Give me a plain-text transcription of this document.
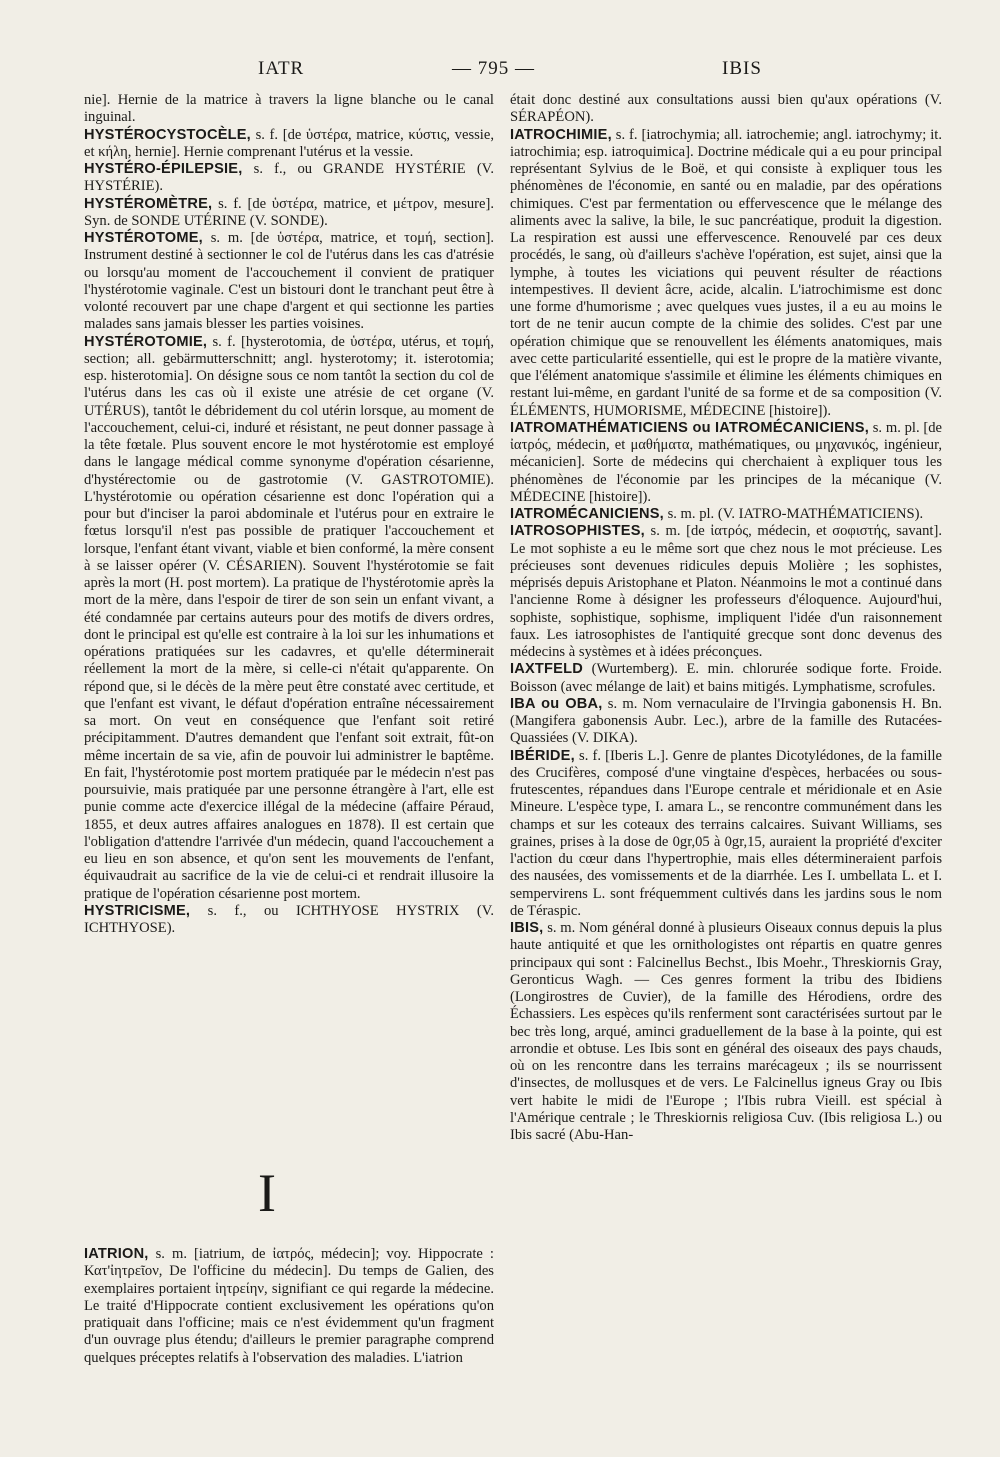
IATR	— 795 —	IBIS

nie]. Hernie de la matrice à travers la ligne blanche ou le canal inguinal.

HYSTÉROCYSTOCÈLE, s. f. [de ὑστέρα, matrice, κύστις, vessie, et κήλη, hernie]. Hernie comprenant l'utérus et la vessie.

HYSTÉRO-ÉPILEPSIE, s. f., ou GRANDE HYSTÉRIE (V. HYSTÉRIE).

HYSTÉROMÈTRE, s. f. [de ὑστέρα, matrice, et μέτρον, mesure]. Syn. de SONDE UTÉRINE (V. SONDE).

HYSTÉROTOME, s. m. [de ὑστέρα, matrice, et τομή, section]. Instrument destiné à sectionner le col de l'utérus dans les cas d'atrésie ou lorsqu'au moment de l'accouchement il convient de pratiquer l'hystérotomie vaginale. C'est un bistouri dont le tranchant peut être à volonté recouvert par une chape d'argent et qui sectionne les parties malades sans jamais blesser les parties voisines.

HYSTÉROTOMIE, s. f. [hysterotomia, de ὑστέρα, utérus, et τομή, section; all. gebärmutterschnitt; angl. hysterotomy; it. isterotomia; esp. histerotomia]. On désigne sous ce nom tantôt la section du col de l'utérus dans les cas où il existe une atrésie de cet organe (V. UTÉRUS), tantôt le débridement du col utérin lorsque, au moment de l'accouchement, celui-ci, induré et résistant, ne peut donner passage à la tête fœtale. Plus souvent encore le mot hystérotomie est employé dans le langage médical comme synonyme d'opération césarienne, d'hystérectomie ou de gastrotomie (V. GASTROTOMIE). L'hystérotomie ou opération césarienne est donc l'opération qui a pour but d'inciser la paroi abdominale et l'utérus pour en extraire le fœtus lorsqu'il n'est pas possible de pratiquer l'accouchement et lorsque, l'enfant étant vivant, viable et bien conformé, la mère consent à se laisser opérer (V. CÉSARIEN). Souvent l'hystérotomie se fait après la mort (H. post mortem). La pratique de l'hystérotomie après la mort de la mère, dans l'espoir de tirer de son sein un enfant vivant, a été condamnée par certains auteurs pour des motifs de divers ordres, dont le principal est qu'elle est contraire à la loi sur les inhumations et opérations pratiquées sur les cadavres, et qu'elle déterminerait réellement la mort de la mère, si celle-ci n'était qu'apparente. On répond que, si le décès de la mère peut être constaté avec certitude, et que l'enfant est vivant, le défaut d'opération entraîne nécessairement sa mort. On veut en conséquence que l'enfant soit retiré précipitamment. D'autres demandent que l'enfant soit extrait, fût-on même incertain de sa vie, afin de pouvoir lui administrer le baptême. En fait, l'hystérotomie post mortem pratiquée par le médecin n'est pas poursuivie, mais pratiquée par une personne étrangère à l'art, elle est punie comme acte d'exercice illégal de la médecine (affaire Péraud, 1855, et deux autres affaires analogues en 1878). Il est certain que l'obligation d'attendre l'arrivée d'un médecin, quand l'accouchement a eu lieu en son absence, et qu'on sent les mouvements de l'enfant, équivaudrait au sacrifice de la vie de celui-ci et rendrait illusoire la pratique de l'opération césarienne post mortem.

HYSTRICISME, s. f., ou ICHTHYOSE HYSTRIX (V. ICHTHYOSE).

I

IATRION, s. m. [iatrium, de ἰατρός, médecin]; voy. Hippocrate : Κατ'ἰητρεῖον, De l'officine du médecin]. Du temps de Galien, des exemplaires portaient ἰητρείην, signifiant ce qui regarde la médecine. Le traité d'Hippocrate contient exclusivement les opérations qu'on pratiquait dans l'officine; mais ce n'est évidemment qu'un fragment d'un ouvrage plus étendu; d'ailleurs le premier paragraphe comprend quelques préceptes relatifs à l'observation des maladies. L'iatrion

était donc destiné aux consultations aussi bien qu'aux opérations (V. SÉRAPÉON).

IATROCHIMIE, s. f. [iatrochymia; all. iatrochemie; angl. iatrochymy; it. iatrochimia; esp. iatroquimica]. Doctrine médicale qui a eu pour principal représentant Sylvius de le Boë, et qui consiste à expliquer tous les phénomènes de l'économie, en santé ou en maladie, par des opérations chimiques. C'est par fermentation ou effervescence que le mélange des aliments avec la salive, la bile, le suc pancréatique, produit la digestion. La respiration est aussi une effervescence. Renouvelé par ces deux procédés, le sang, où d'ailleurs s'achève l'opération, est sujet, ainsi que la lymphe, à toutes les viciations qui peuvent résulter de réactions intempestives. Il devient âcre, acide, alcalin. L'iatrochimisme est donc une forme d'humorisme ; avec quelques vues justes, il a eu au moins le tort de ne tenir aucun compte de la chimie des solides. C'est par une opération chimique que se renouvellent les éléments anatomiques, mais avec cette particularité essentielle, qui est le propre de la matière vivante, que l'élément anatomique s'assimile et élimine les éléments chimiques en restant lui-même, en gardant l'unité de sa forme et de sa composition (V. ÉLÉMENTS, HUMORISME, MÉDECINE [histoire]).

IATROMATHÉMATICIENS ou IATROMÉCANICIENS, s. m. pl. [de ἰατρός, médecin, et μαθήματα, mathématiques, ou μηχανικός, ingénieur, mécanicien]. Sorte de médecins qui cherchaient à expliquer tous les phénomènes de l'économie par les principes de la mécanique (V. MÉDECINE [histoire]).

IATROMÉCANICIENS, s. m. pl. (V. IATRO-MATHÉMATICIENS).

IATROSOPHISTES, s. m. [de ἰατρός, médecin, et σοφιστής, savant]. Le mot sophiste a eu le même sort que chez nous le mot précieuse. Les précieuses sont devenues ridicules depuis Molière ; les sophistes, méprisés depuis Aristophane et Platon. Néanmoins le mot a continué dans l'ancienne Rome à désigner les professeurs d'éloquence. Aujourd'hui, sophiste, sophistique, sophisme, impliquent l'idée d'un raisonnement faux. Les iatrosophistes de l'antiquité grecque sont donc devenus des médecins à systèmes et à idées préconçues.

IAXTFELD (Wurtemberg). E. min. chlorurée sodique forte. Froide. Boisson (avec mélange de lait) et bains mitigés. Lymphatisme, scrofules.

IBA ou OBA, s. m. Nom vernaculaire de l'Irvingia gabonensis H. Bn. (Mangifera gabonensis Aubr. Lec.), arbre de la famille des Rutacées-Quassiées (V. DIKA).

IBÉRIDE, s. f. [Iberis L.]. Genre de plantes Dicotylédones, de la famille des Crucifères, composé d'une vingtaine d'espèces, herbacées ou sous-frutescentes, répandues dans l'Europe centrale et méridionale et en Asie Mineure. L'espèce type, I. amara L., se rencontre communément dans les champs et sur les coteaux des terrains calcaires. Suivant Williams, ses graines, prises à la dose de 0gr,05 à 0gr,15, auraient la propriété d'exciter l'action du cœur dans l'hypertrophie, mais elles détermineraient parfois des nausées, des vomissements et de la diarrhée. Les I. umbellata L. et I. sempervirens L. sont fréquemment cultivés dans les jardins sous le nom de Téraspic.

IBIS, s. m. Nom général donné à plusieurs Oiseaux connus depuis la plus haute antiquité et que les ornithologistes ont répartis en quatre genres principaux qui sont : Falcinellus Bechst., Ibis Moehr., Threskiornis Gray, Geronticus Wagh. — Ces genres forment la tribu des Ibidiens (Longirostres de Cuvier), de la famille des Hérodiens, ordre des Échassiers. Les espèces qu'ils renferment sont caractérisées surtout par le bec très long, arqué, aminci graduellement de la base à la pointe, qui est arrondie et obtuse. Les Ibis sont en général des oiseaux des pays chauds, où on les rencontre dans les terrains marécageux ; ils se nourrissent d'insectes, de mollusques et de vers. Le Falcinellus igneus Gray ou Ibis vert habite le midi de l'Europe ; l'Ibis rubra Vieill. est spécial à l'Amérique centrale ; le Threskiornis religiosa Cuv. (Ibis religiosa L.) ou Ibis sacré (Abu-Han-
